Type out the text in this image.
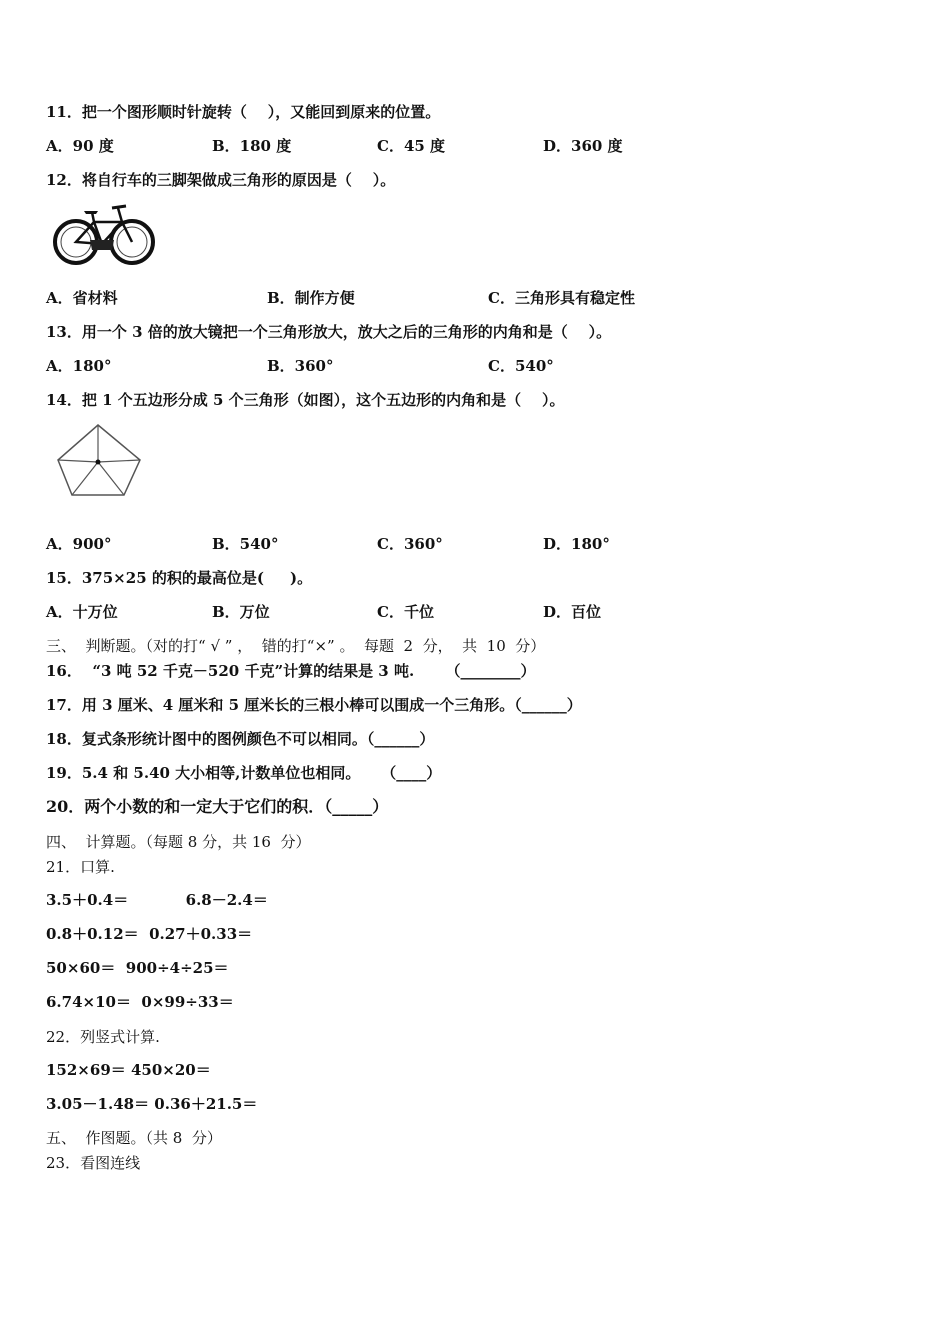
11．把一个图形顺时针旋转（    ），又能回到原来的位置。
A．90 度	B．180 度	C．45 度	D．360 度
12．将自行车的三脚架做成三角形的原因是（    ）。
A．省材料	B．制作方便	C．三角形具有稳定性
13．用一个 3 倍的放大镜把一个三角形放大，放大之后的三角形的内角和是（    ）。
A．180°	B．360°	C．540°
14．把 1 个五边形分成 5 个三角形（如图），这个五边形的内角和是（    ）。
A．900°	B．540°	C．360°	D．180°
15．375×25 的积的最高位是(     )。
A．十万位	B．万位	C．千位	D．百位
三、  判断题。（对的打“ √ ” ，  错的打“×” 。  每题  2  分，  共  10  分）
16．  “3 吨 52 千克－520 千克”计算的结果是 3 吨.      （________）
17．用 3 厘米、4 厘米和 5 厘米长的三根小棒可以围成一个三角形。（______）
18．复式条形统计图中的图例颜色不可以相同。（______）
19．5.4 和 5.40 大小相等,计数单位也相同。    （____）
20．两个小数的和一定大于它们的积．（_____）
四、  计算题。（每题 8 分，共 16  分）
21．口算.
3.5＋0.4＝           6.8－2.4＝
0.8＋0.12＝  0.27＋0.33＝
50×60＝  900÷4÷25＝
6.74×10＝  0×99÷33＝
22．列竖式计算.
152×69＝ 450×20＝
3.05－1.48＝ 0.36＋21.5＝
五、  作图题。（共 8  分）
23．看图连线
